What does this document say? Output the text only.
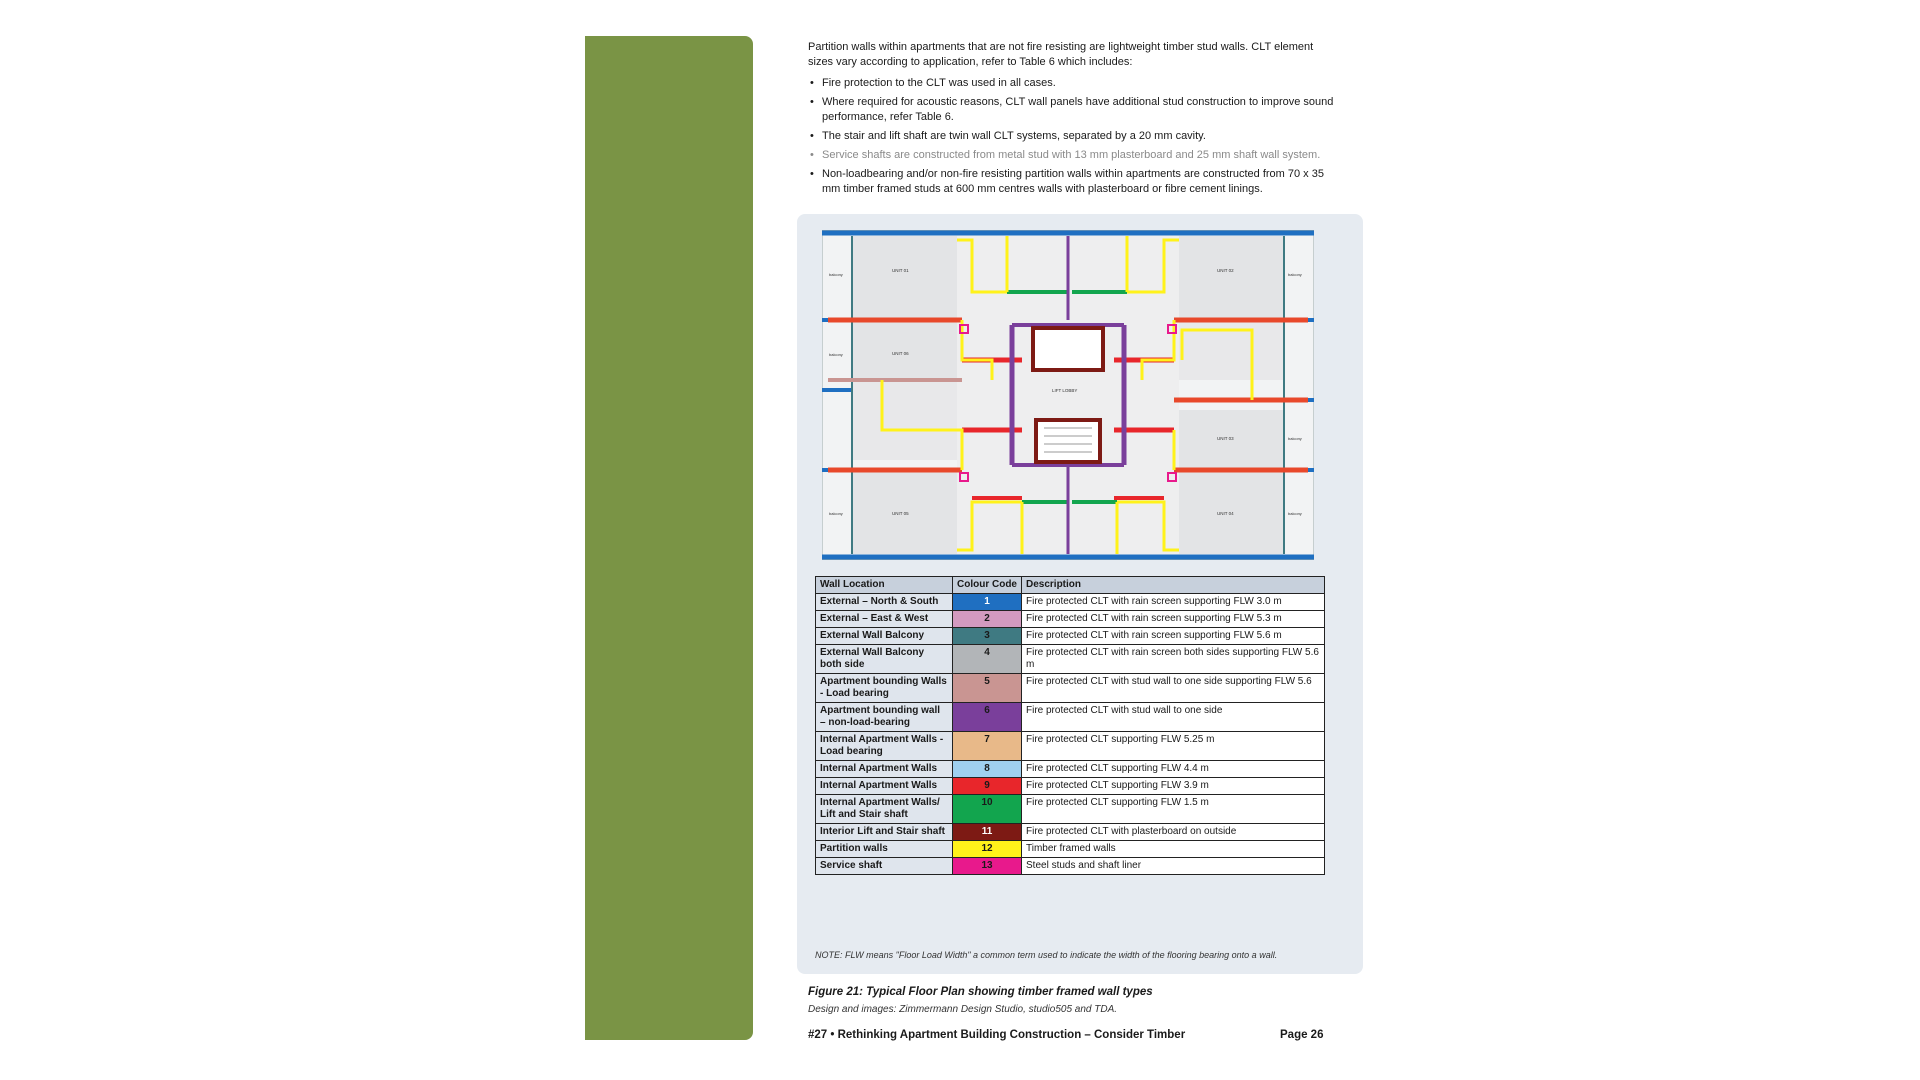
Partition walls within apartments that are not fire resisting are lightweight timber stud walls. CLT element sizes vary according to application, refer to Table 6 which includes:

• Fire protection to the CLT was used in all cases.
• Where required for acoustic reasons, CLT wall panels have additional stud construction to improve sound performance, refer Table 6.
• The stair and lift shaft are twin wall CLT systems, separated by a 20 mm cavity.
• Service shafts are constructed from metal stud with 13 mm plasterboard and 25 mm shaft wall system.
• Non-loadbearing and/or non-fire resisting partition walls within apartments are constructed from 70 x 35 mm timber framed studs at 600 mm centres walls with plasterboard or fibre cement linings.
UNIT 01	UNIT 02
UNIT 03
UNIT 04
UNIT 05
UNIT 06
LIFT LOBBY
balcony	balcony
balcony
balcony
balcony	balcony
Wall Location	Colour Code	Description
External – North & South	1	Fire protected CLT with rain screen supporting FLW 3.0 m
External – East & West	2	Fire protected CLT with rain screen supporting FLW 5.3 m
External Wall Balcony	3	Fire protected CLT with rain screen supporting FLW 5.6 m
External Wall Balcony both side	4	Fire protected CLT with rain screen both sides supporting FLW 5.6 m
Apartment bounding Walls - Load bearing	5	Fire protected CLT with stud wall to one side supporting FLW 5.6
Apartment bounding wall – non-load-bearing	6	Fire protected CLT with stud wall to one side
Internal Apartment Walls - Load bearing	7	Fire protected CLT supporting FLW 5.25 m
Internal Apartment Walls	8	Fire protected CLT supporting FLW 4.4 m
Internal Apartment Walls	9	Fire protected CLT supporting FLW 3.9 m
Internal Apartment Walls/ Lift and Stair shaft	10	Fire protected CLT supporting FLW 1.5 m
Interior Lift and Stair shaft	11	Fire protected CLT with plasterboard on outside
Partition walls	12	Timber framed walls
Service shaft	13	Steel studs and shaft liner
NOTE: FLW means "Floor Load Width" a common term used to indicate the width of the flooring bearing onto a wall.
Figure 21: Typical Floor Plan showing timber framed wall types
Design and images: Zimmermann Design Studio, studio505 and TDA.
#27 • Rethinking Apartment Building Construction – Consider Timber	Page 26
